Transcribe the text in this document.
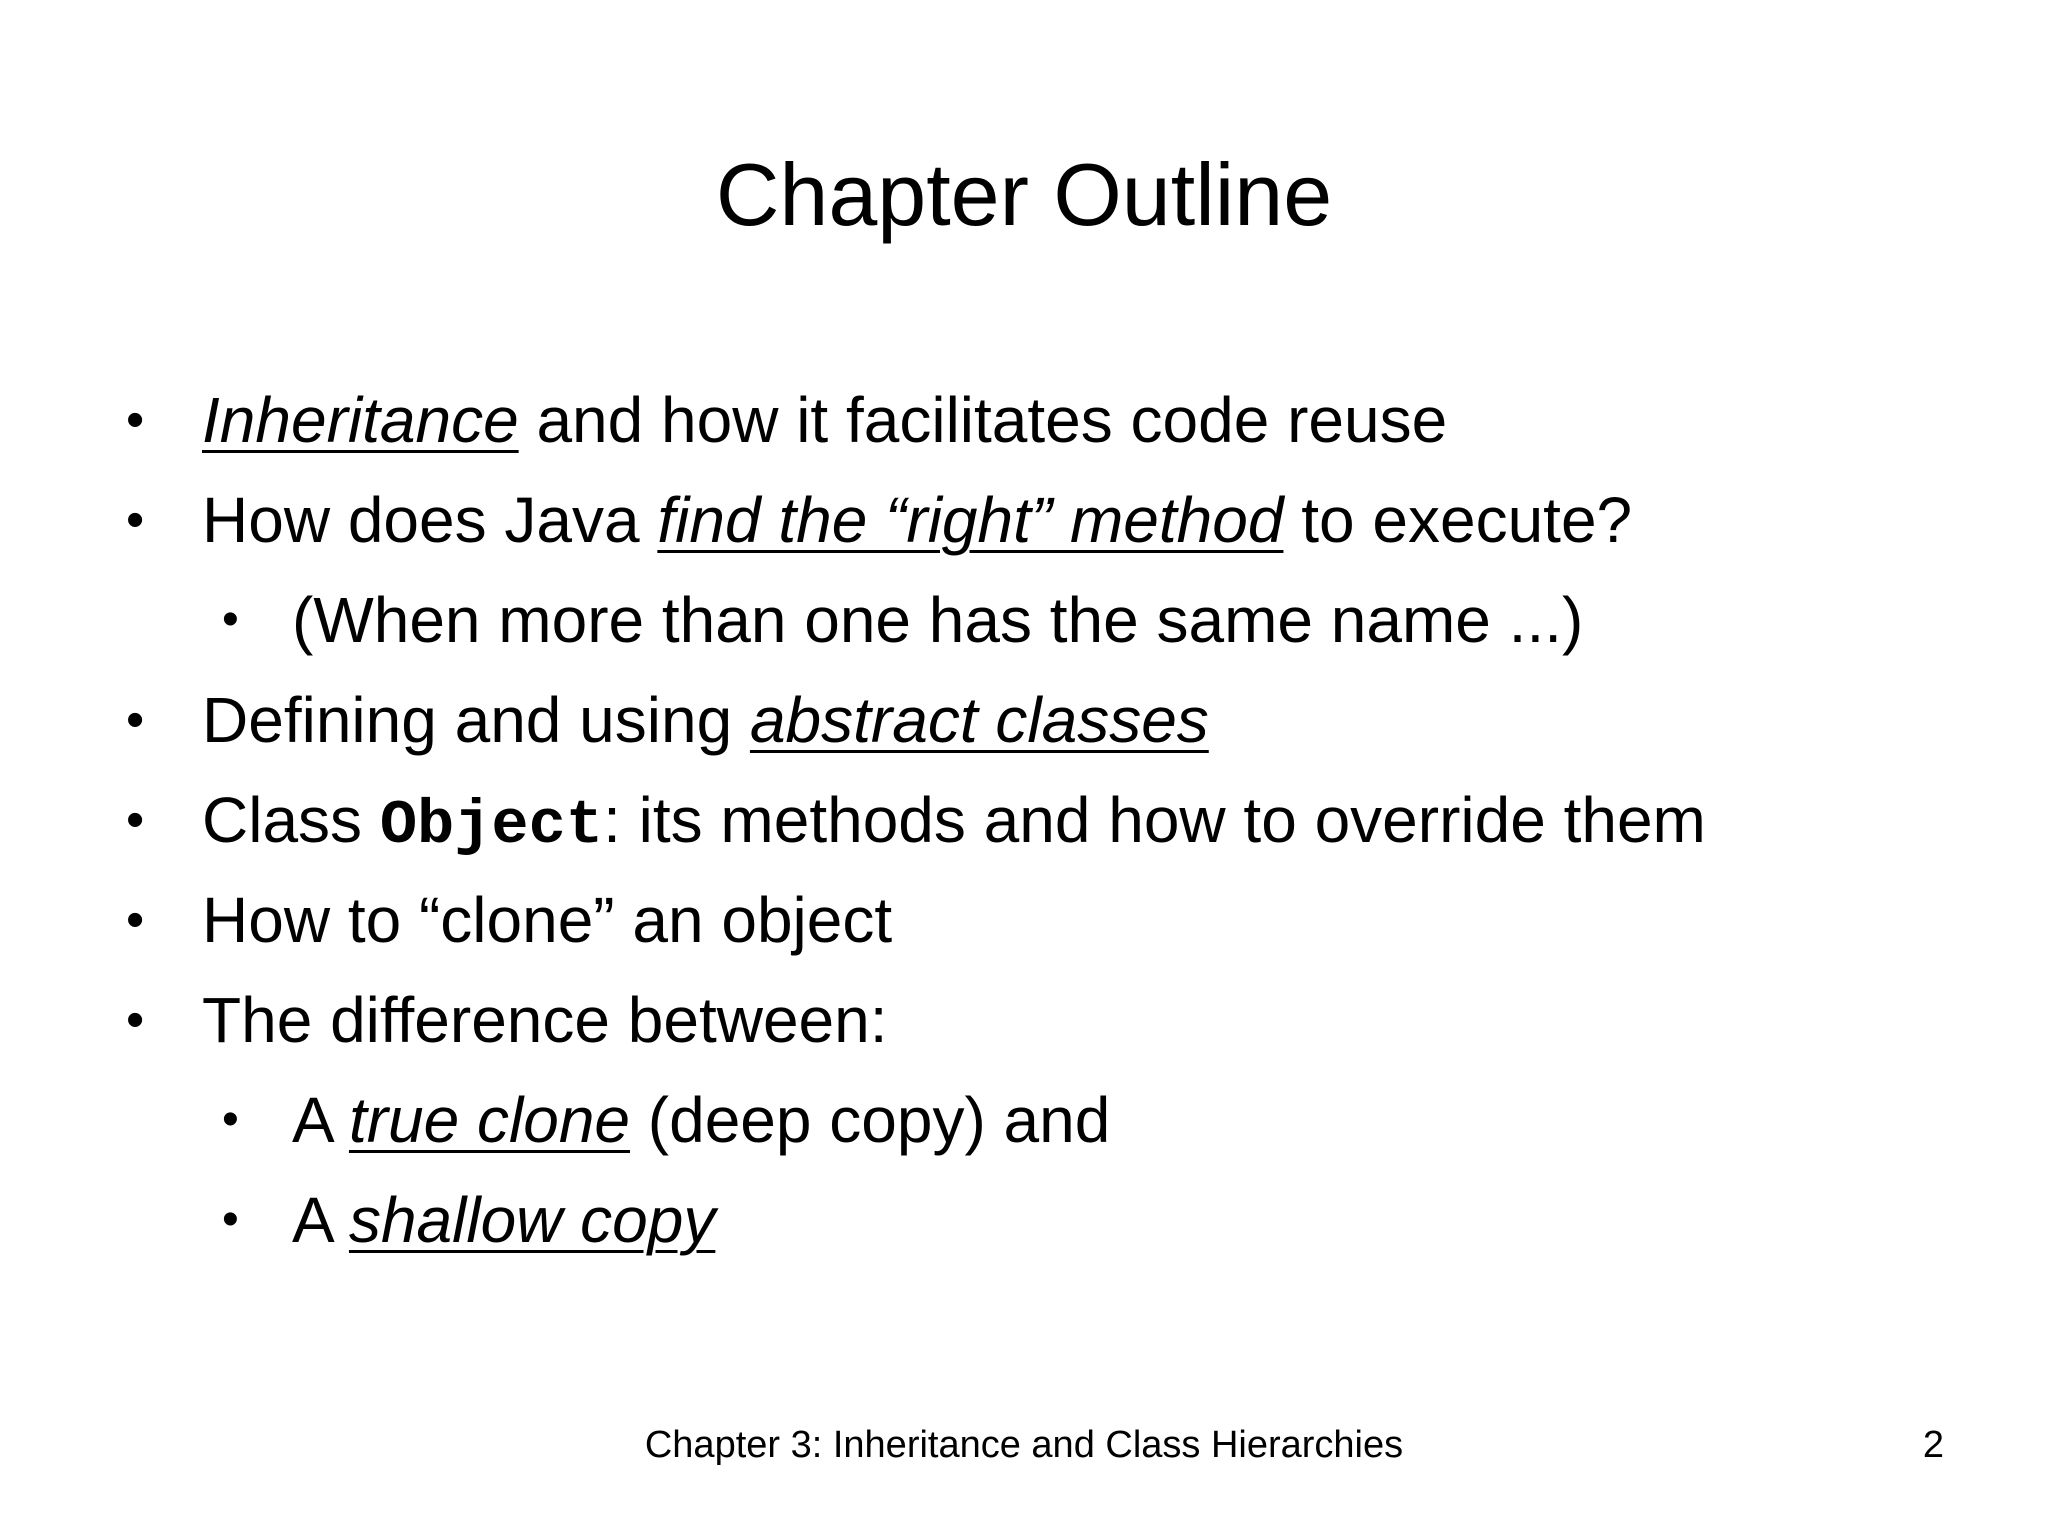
Chapter Outline
• Inheritance and how it facilitates code reuse
• How does Java find the “right” method to execute?
• (When more than one has the same name ...)
• Defining and using abstract classes
• Class Object: its methods and how to override them
• How to “clone” an object
• The difference between:
• A true clone (deep copy) and
• A shallow copy
Chapter 3: Inheritance and Class Hierarchies	2
